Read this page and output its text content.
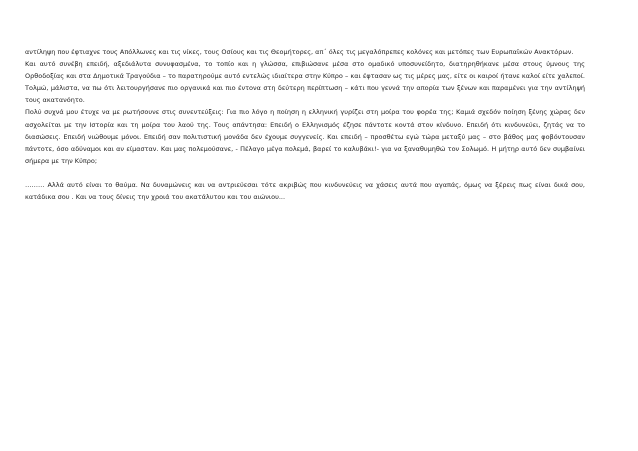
αντίληψη που έφτιαχνε τους Απόλλωνες και τις νίκες, τους Οσίους και τις Θεομήτορες, απ΄ όλες τις μεγαλόπρεπες κολόνες και μετόπες των Ευρωπαϊκών Ανακτόρων.

Και αυτό συνέβη επειδή, αξεδιάλυτα συνυφασμένα, το τοπίο και η γλώσσα, επιβιώσανε μέσα στο ομαδικό υποσυνείδητο, διατηρηθήκανε μέσα στους ύμνους της Ορθοδοξίας και στα Δημοτικά Τραγούδια – το παρατηρούμε αυτό εντελώς ιδιαίτερα στην Κύπρο – και έφτασαν ως τις μέρες μας, είτε οι καιροί ήτανε καλοί είτε χαλεποί. Τολμώ, μάλιστα, να πω ότι λειτουργήσανε πιο οργανικά και πιο έντονα στη δεύτερη περίπτωση – κάτι που γεννά την απορία των ξένων και παραμένει για την αντίληψή τους ακατανόητο.

Πολύ συχνά μου έτυχε να με ρωτήσουνε στις συνεντεύξεις: Για πιο λόγο η ποίηση η ελληνική γυρίζει στη μοίρα του φορέα της; Καμιά σχεδόν ποίηση ξένης χώρας δεν ασχολείται με την Ιστορία και τη μοίρα του λαού της. Τους απάντησα: Επειδή ο Ελληνισμός έζησε πάντοτε κοντά στον κίνδυνο. Επειδή ότι κινδυνεύει, ζητάς να το διασώσεις. Επειδή νιώθουμε μόνοι. Επειδή σαν πολιτιστική μονάδα δεν έχουμε συγγενείς. Και επειδή – προσθέτω εγώ τώρα μεταξύ μας – στο βάθος μας φοβόντουσαν πάντοτε, όσο αδύναμοι και αν είμασταν. Και μας πολεμούσανε, - Πέλαγο μέγα πολεμά, βαρεί το καλυβάκι!- για να ξαναθυμηθώ τον Σολωμό. Η μήτηρ αυτό δεν συμβαίνει σήμερα με την Κύπρο;

……… Αλλά αυτό είναι το θαύμα. Να δυναμώνεις και να αντριεύεσαι τότε ακριβώς που κινδυνεύεις να χάσεις αυτά που αγαπάς, όμως να ξέρεις πως είναι δικά σου, κατάδικα σου . Και να τους δίνεις την χροιά του ακατάλυτου και του αιώνιου...
